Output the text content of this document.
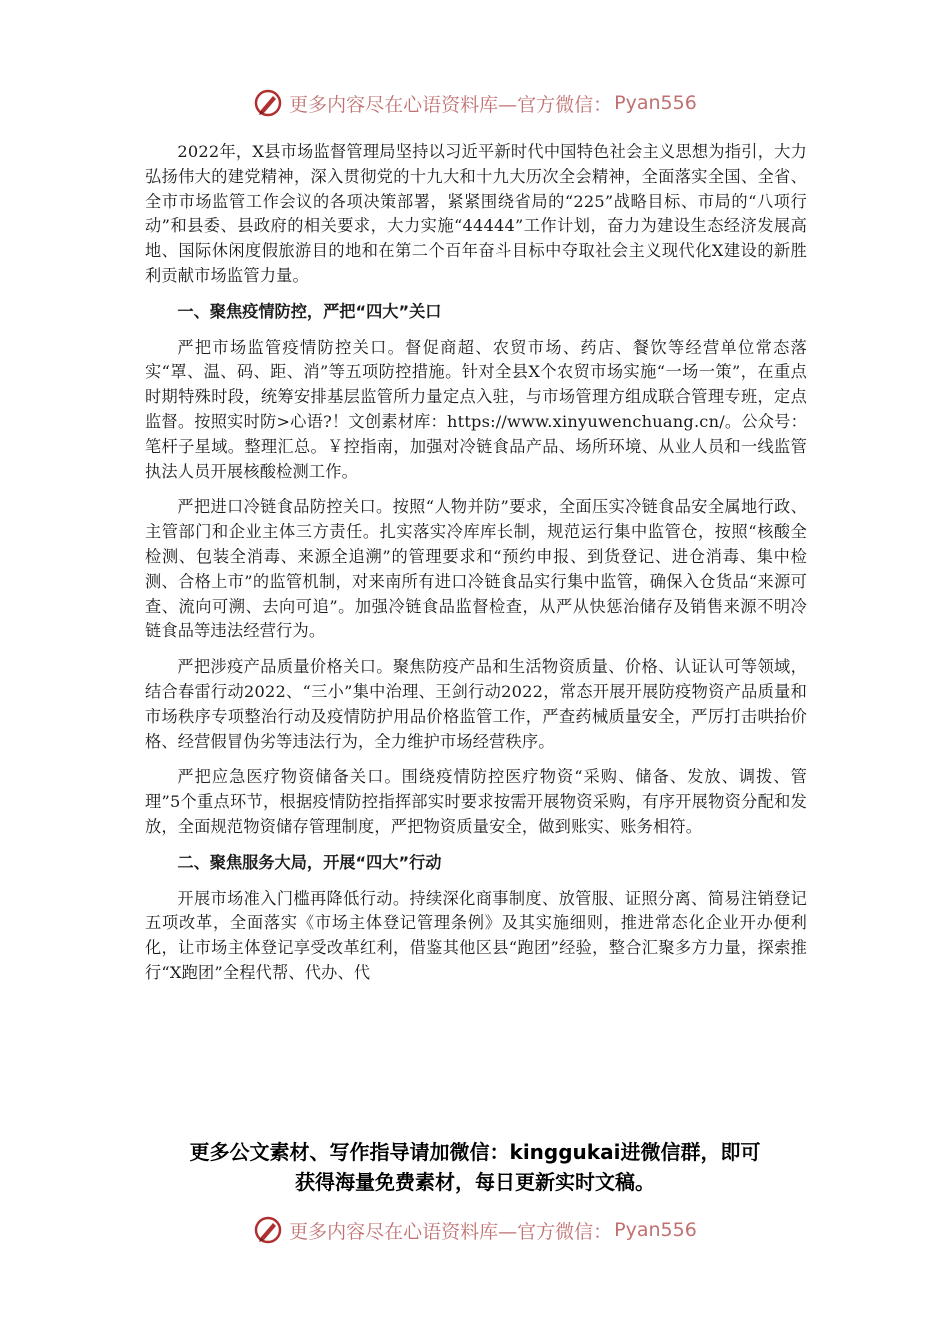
更多内容尽在心语资料库—官方微信： Pyan556

2022年，X县市场监督管理局坚持以习近平新时代中国特色社会主义思想为指引，大力弘扬伟大的建党精神，深入贯彻党的十九大和十九大历次全会精神，全面落实全国、全省、全市市场监管工作会议的各项决策部署，紧紧围绕省局的“225”战略目标、市局的“八项行动”和县委、县政府的相关要求，大力实施“44444”工作计划，奋力为建设生态经济发展高地、国际休闲度假旅游目的地和在第二个百年奋斗目标中夺取社会主义现代化X建设的新胜利贡献市场监管力量。

一、聚焦疫情防控，严把“四大”关口

严把市场监管疫情防控关口。督促商超、农贸市场、药店、餐饮等经营单位常态落实“罩、温、码、距、消”等五项防控措施。针对全县X个农贸市场实施“一场一策”，在重点时期特殊时段，统筹安排基层监管所力量定点入驻，与市场管理方组成联合管理专班，定点监督。按照实时防>心语?！文创素材库：https://www.xinyuwenchuang.cn/。公众号：笔杆子星域。整理汇总。￥控指南，加强对冷链食品产品、场所环境、从业人员和一线监管执法人员开展核酸检测工作。

严把进口冷链食品防控关口。按照“人物并防”要求，全面压实冷链食品安全属地行政、主管部门和企业主体三方责任。扎实落实冷库库长制，规范运行集中监管仓，按照“核酸全检测、包装全消毒、来源全追溯”的管理要求和“预约申报、到货登记、进仓消毒、集中检测、合格上市”的监管机制，对来南所有进口冷链食品实行集中监管，确保入仓货品“来源可查、流向可溯、去向可追”。加强冷链食品监督检查，从严从快惩治储存及销售来源不明冷链食品等违法经营行为。

严把涉疫产品质量价格关口。聚焦防疫产品和生活物资质量、价格、认证认可等领域，结合春雷行动2022、“三小”集中治理、王剑行动2022，常态开展开展防疫物资产品质量和市场秩序专项整治行动及疫情防护用品价格监管工作，严查药械质量安全，严厉打击哄抬价格、经营假冒伪劣等违法行为，全力维护市场经营秩序。

严把应急医疗物资储备关口。围绕疫情防控医疗物资“采购、储备、发放、调拨、管理”5个重点环节，根据疫情防控指挥部实时要求按需开展物资采购，有序开展物资分配和发放，全面规范物资储存管理制度，严把物资质量安全，做到账实、账务相符。

二、聚焦服务大局，开展“四大”行动

开展市场准入门槛再降低行动。持续深化商事制度、放管服、证照分离、简易注销登记五项改革，全面落实《市场主体登记管理条例》及其实施细则，推进常态化企业开办便利化，让市场主体登记享受改革红利，借鉴其他区县“跑团”经验，整合汇聚多方力量，探索推行“X跑团”全程代帮、代办、代

更多公文素材、写作指导请加微信：kinggukai进微信群，即可
获得海量免费素材，每日更新实时文稿。
更多内容尽在心语资料库—官方微信： Pyan556
